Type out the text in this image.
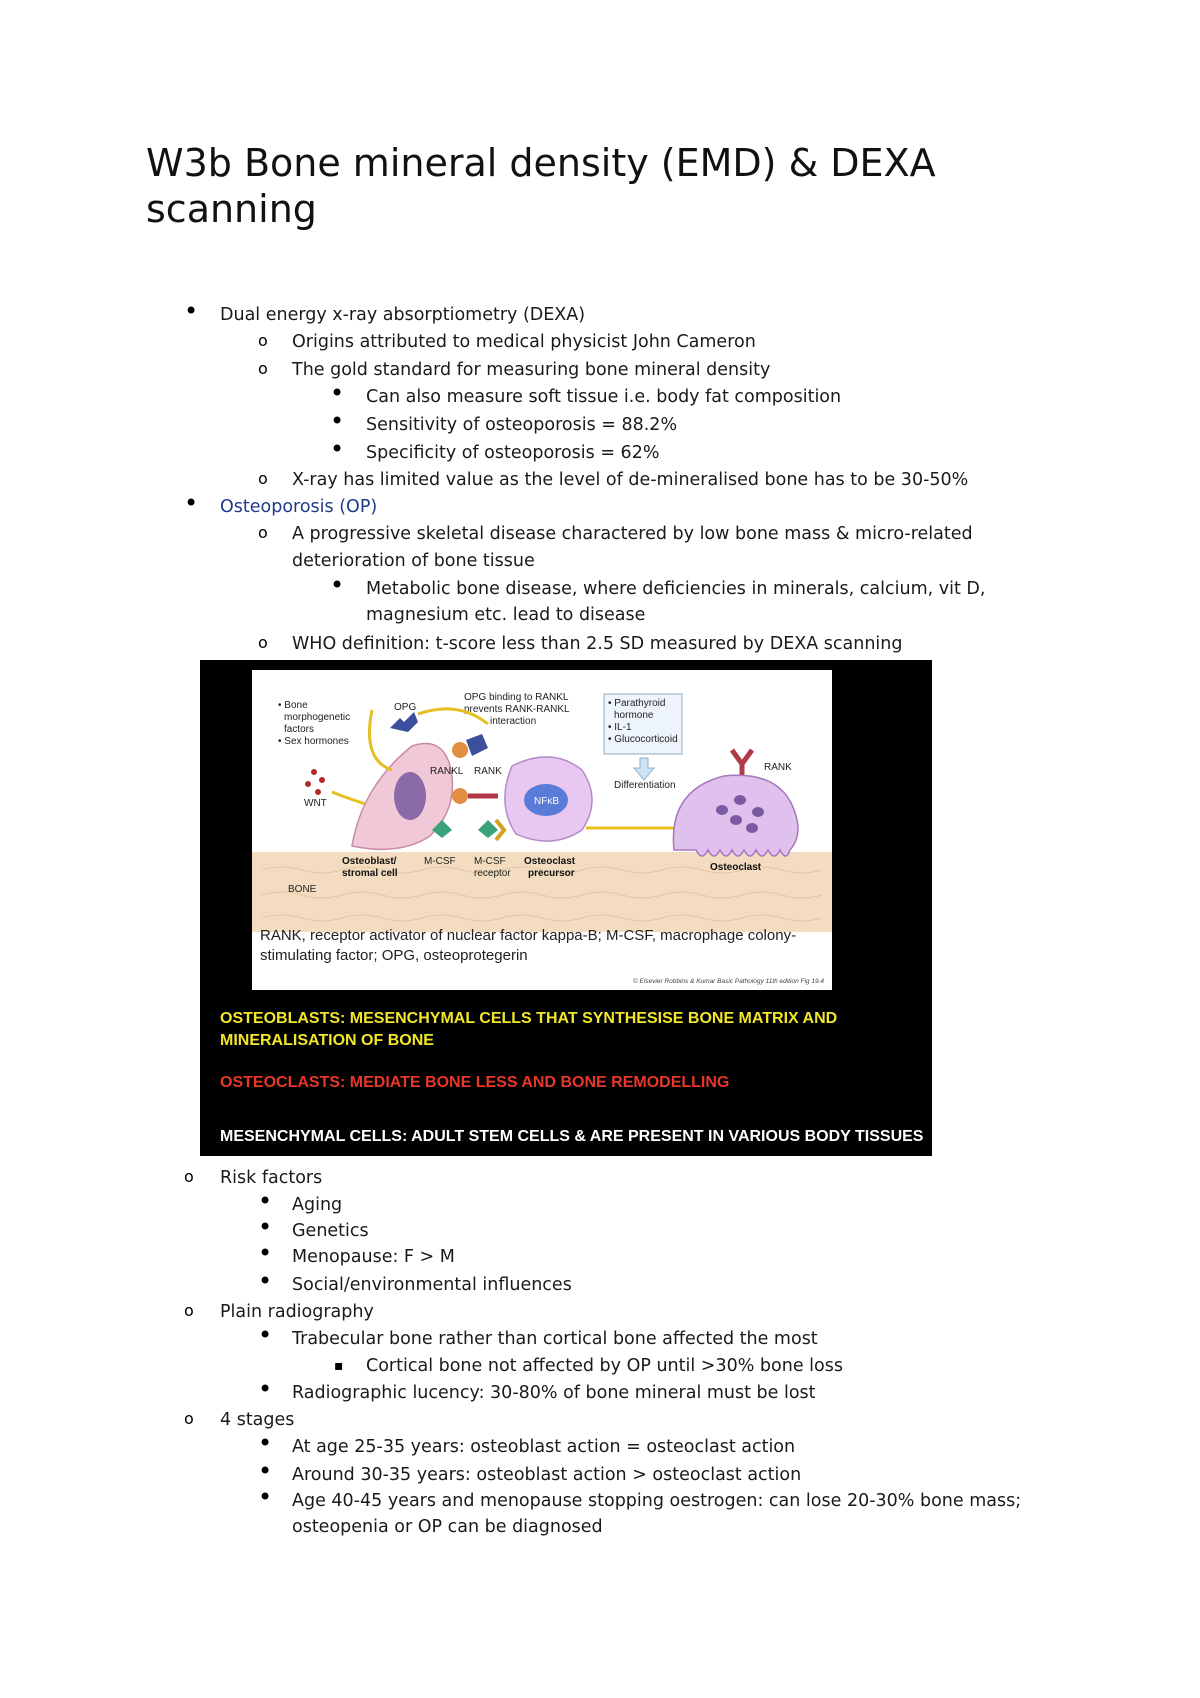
W3b Bone mineral density (EMD) & DEXA scanning
•
Dual energy x-ray absorptiometry (DEXA)
o
Origins attributed to medical physicist John Cameron
o
The gold standard for measuring bone mineral density
•
Can also measure soft tissue i.e. body fat composition
•
Sensitivity of osteoporosis = 88.2%
•
Specificity of osteoporosis = 62%
o
X-ray has limited value as the level of de-mineralised bone has to be 30-50%
•
Osteoporosis (OP)
o
A progressive skeletal disease charactered by low bone mass & micro-related
deterioration of bone tissue
•
Metabolic bone disease, where deficiencies in minerals, calcium, vit D,
magnesium etc. lead to disease
o
WHO definition: t-score less than 2.5 SD measured by DEXA scanning
• Bone
morphogenetic
factors
• Sex hormones
OPG
OPG binding to RANKL
prevents RANK-RANKL
interaction
• Parathyroid
hormone
• IL-1
• Glucocorticoid
RANK
WNT
RANKL RANK
NFκB
Differentiation
Osteoblast/
stromal cell
M-CSF M-CSF
receptor
Osteoclast
precursor
Osteoclast
BONE
RANK, receptor activator of nuclear factor kappa-B; M-CSF, macrophage colony-stimulating factor; OPG, osteoprotegerin
© Elsevier Robbins & Kumar Basic Pathology 11th edition Fig 19.4
OSTEOBLASTS: MESENCHYMAL CELLS THAT SYNTHESISE BONE MATRIX AND
MINERALISATION OF BONE
OSTEOCLASTS: MEDIATE BONE LESS AND BONE REMODELLING
MESENCHYMAL CELLS: ADULT STEM CELLS & ARE PRESENT IN VARIOUS BODY TISSUES
o
Risk factors
•
Aging
•
Genetics
•
Menopause: F > M
•
Social/environmental influences
o
Plain radiography
•
Trabecular bone rather than cortical bone affected the most
▪
Cortical bone not affected by OP until >30% bone loss
•
Radiographic lucency: 30-80% of bone mineral must be lost
o
4 stages
•
At age 25-35 years: osteoblast action = osteoclast action
•
Around 30-35 years: osteoblast action > osteoclast action
•
Age 40-45 years and menopause stopping oestrogen: can lose 20-30% bone mass;
osteopenia or OP can be diagnosed
